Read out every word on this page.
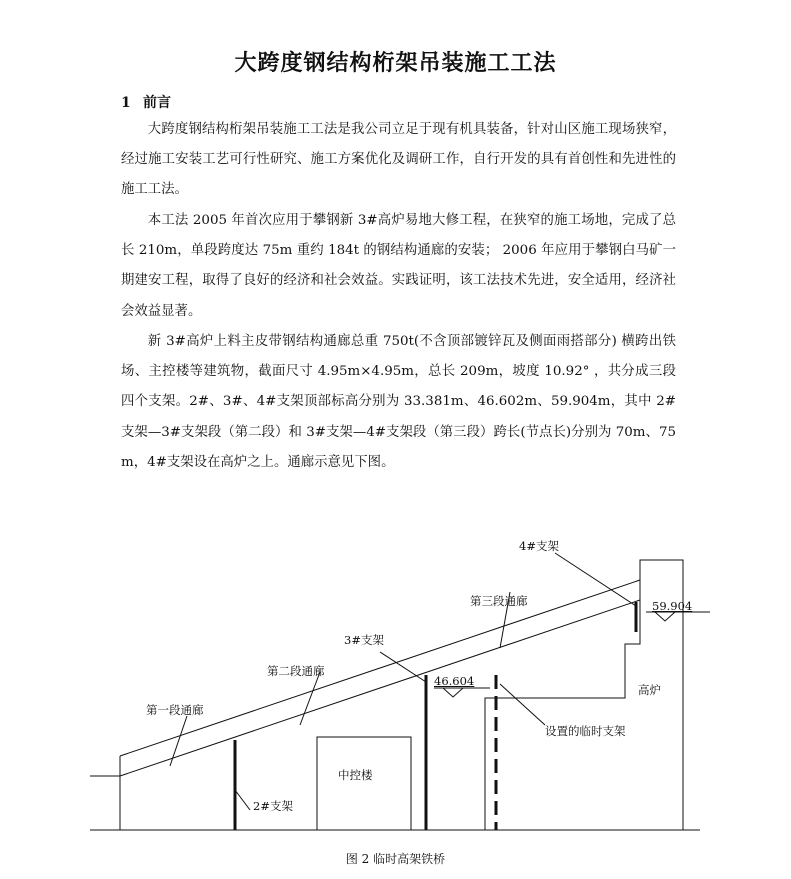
大跨度钢结构桁架吊装施工工法
1 前言

大跨度钢结构桁架吊装施工工法是我公司立足于现有机具装备，针对山区施工现场狭窄，经过施工安装工艺可行性研究、施工方案优化及调研工作，自行开发的具有首创性和先进性的施工工法。

本工法 2005 年首次应用于攀钢新 3#高炉易地大修工程，在狭窄的施工场地，完成了总长 210m，单段跨度达 75m 重约 184t 的钢结构通廊的安装； 2006 年应用于攀钢白马矿一期建安工程，取得了良好的经济和社会效益。实践证明，该工法技术先进，安全适用，经济社会效益显著。

新 3#高炉上料主皮带钢结构通廊总重 750t(不含顶部镀锌瓦及侧面雨搭部分) 横跨出铁场、主控楼等建筑物，截面尺寸 4.95m×4.95m，总长 209m，坡度 10.92° ，共分成三段四个支架。2#、3#、4#支架顶部标高分别为 33.381m、46.602m、59.904m，其中 2#支架—3#支架段（第二段）和 3#支架—4#支架段（第三段）跨长(节点长)分别为 70m、75 m，4#支架设在高炉之上。通廊示意见下图。

4#支架
第三段通廊	59.904
3#支架
第二段通廊
46.604
高炉
第一段通廊
设置的临时支架
中控楼
2#支架
图 2 临时高架铁桥
